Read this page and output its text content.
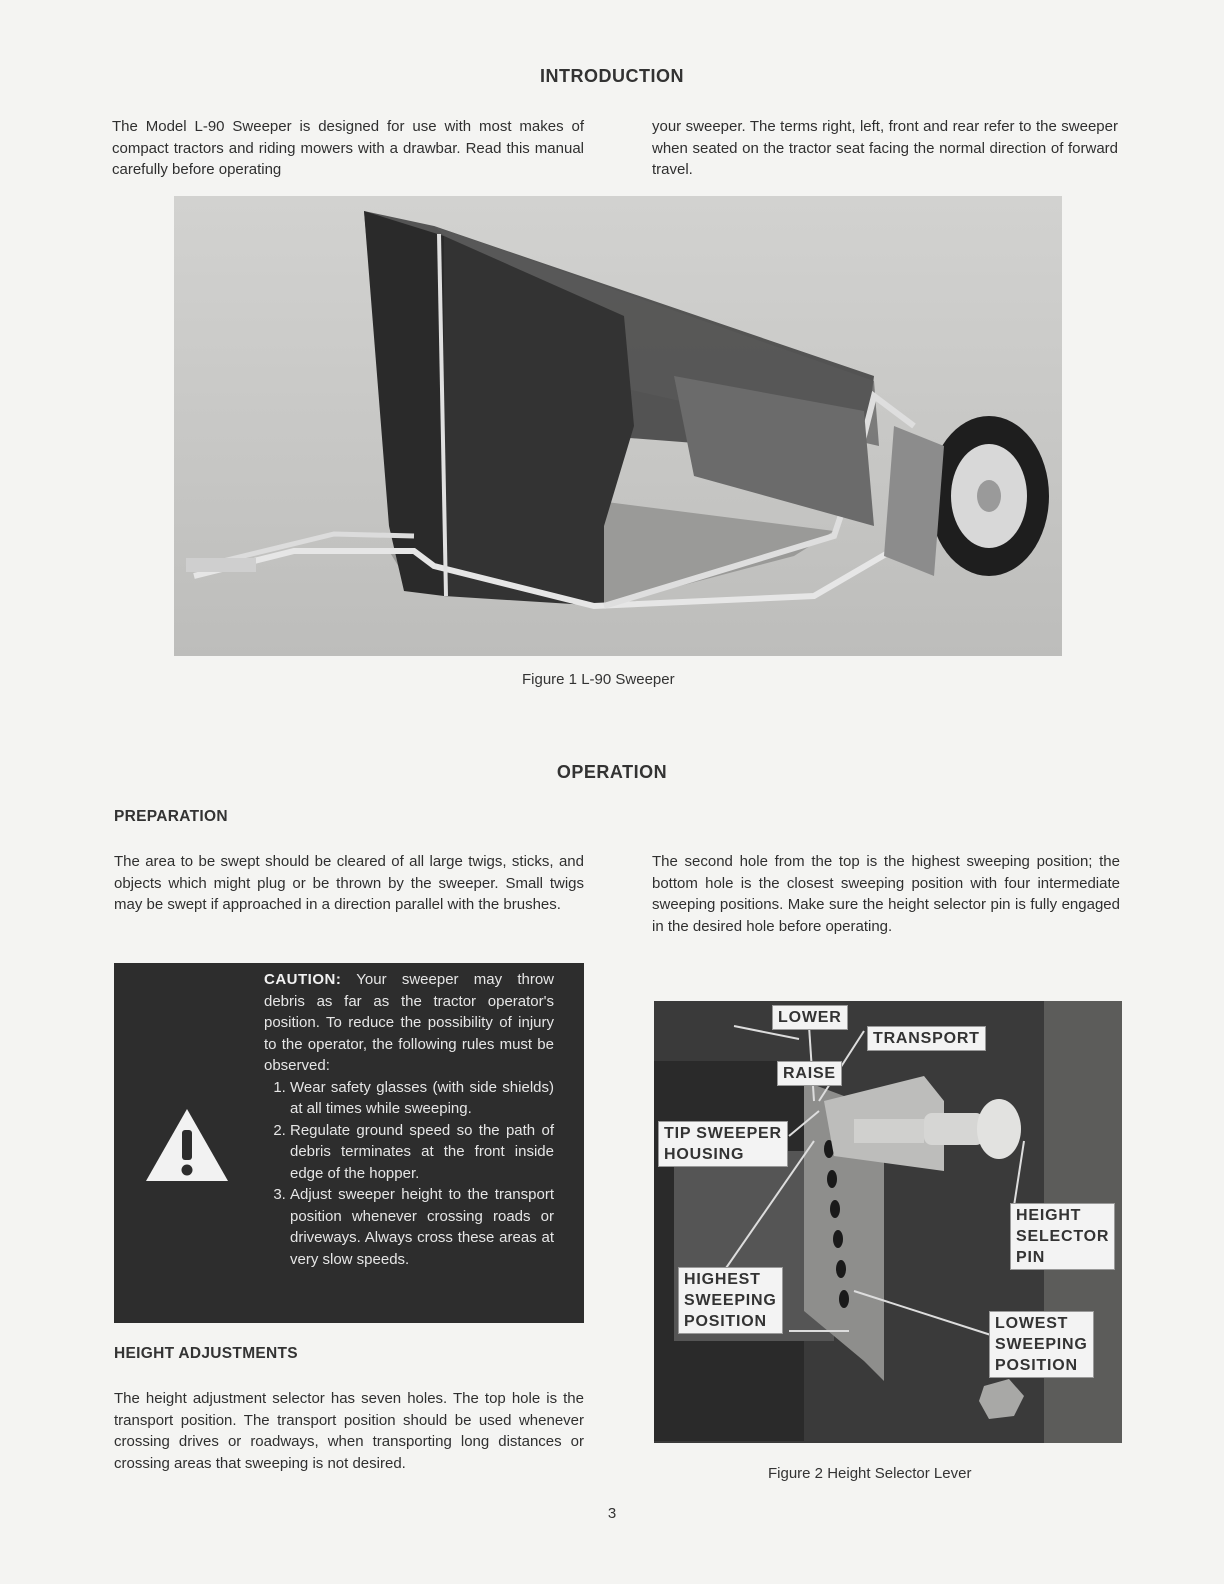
INTRODUCTION
The Model L-90 Sweeper is designed for use with most makes of compact tractors and riding mowers with a drawbar. Read this manual carefully before operating
your sweeper. The terms right, left, front and rear refer to the sweeper when seated on the tractor seat facing the normal direction of forward travel.
Figure 1 L-90 Sweeper
OPERATION
PREPARATION
The area to be swept should be cleared of all large twigs, sticks, and objects which might plug or be thrown by the sweeper. Small twigs may be swept if approached in a direction parallel with the brushes.
CAUTION: Your sweeper may throw debris as far as the tractor operator's position. To reduce the possibility of injury to the operator, the following rules must be observed:
1. Wear safety glasses (with side shields) at all times while sweeping.
2. Regulate ground speed so the path of debris terminates at the front inside edge of the hopper.
3. Adjust sweeper height to the transport position whenever crossing roads or driveways. Always cross these areas at very slow speeds.
HEIGHT ADJUSTMENTS
The height adjustment selector has seven holes. The top hole is the transport position. The transport position should be used whenever crossing drives or roadways, when transporting long distances or crossing areas that sweeping is not desired.
The second hole from the top is the highest sweeping position; the bottom hole is the closest sweeping position with four intermediate sweeping positions. Make sure the height selector pin is fully engaged in the desired hole before operating.
LOWER
TRANSPORT
RAISE
TIP SWEEPER
HOUSING
HEIGHT
SELECTOR
PIN
HIGHEST
SWEEPING
POSITION	LOWEST
SWEEPING
POSITION
Figure 2 Height Selector Lever
3
